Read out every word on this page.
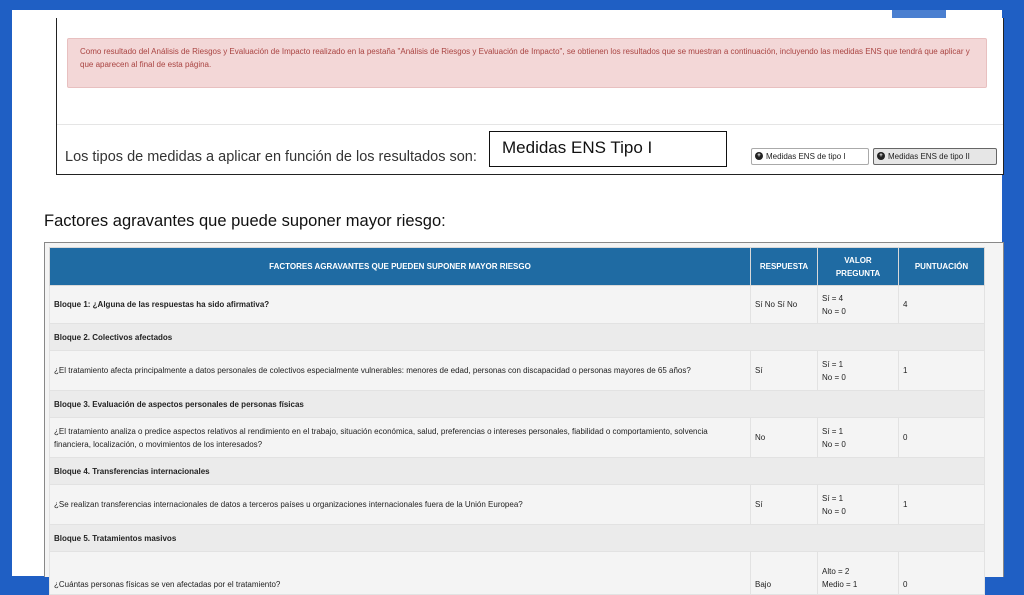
Como resultado del Análisis de Riesgos y Evaluación de Impacto realizado en la pestaña "Análisis de Riesgos y Evaluación de Impacto", se obtienen los resultados que se muestran a continuación, incluyendo las medidas ENS que tendrá que aplicar y que aparecen al final de esta página.
Los tipos de medidas a aplicar en función de los resultados son:	Medidas ENS Tipo I	+ Medidas ENS de tipo I	+ Medidas ENS de tipo II
Factores agravantes que puede suponer mayor riesgo:
FACTORES AGRAVANTES QUE PUEDEN SUPONER MAYOR RIESGO	RESPUESTA	VALOR PREGUNTA	PUNTUACIÓN
Bloque 1: ¿Alguna de las respuestas ha sido afirmativa?	Sí No Sí No	Sí = 4
No = 0	4
Bloque 2. Colectivos afectados			
¿El tratamiento afecta principalmente a datos personales de colectivos especialmente vulnerables: menores de edad, personas con discapacidad o personas mayores de 65 años?	Sí	Sí = 1
No = 0	1
Bloque 3. Evaluación de aspectos personales de personas físicas			
¿El tratamiento analiza o predice aspectos relativos al rendimiento en el trabajo, situación económica, salud, preferencias o intereses personales, fiabilidad o comportamiento, solvencia financiera, localización, o movimientos de los interesados?	No	Sí = 1
No = 0	0
Bloque 4. Transferencias internacionales			
¿Se realizan transferencias internacionales de datos a terceros países u organizaciones internacionales fuera de la Unión Europea?	Sí	Sí = 1
No = 0	1
Bloque 5. Tratamientos masivos			
¿Cuántas personas físicas se ven afectadas por el tratamiento?	Bajo	Alto = 2
Medio = 1	0
